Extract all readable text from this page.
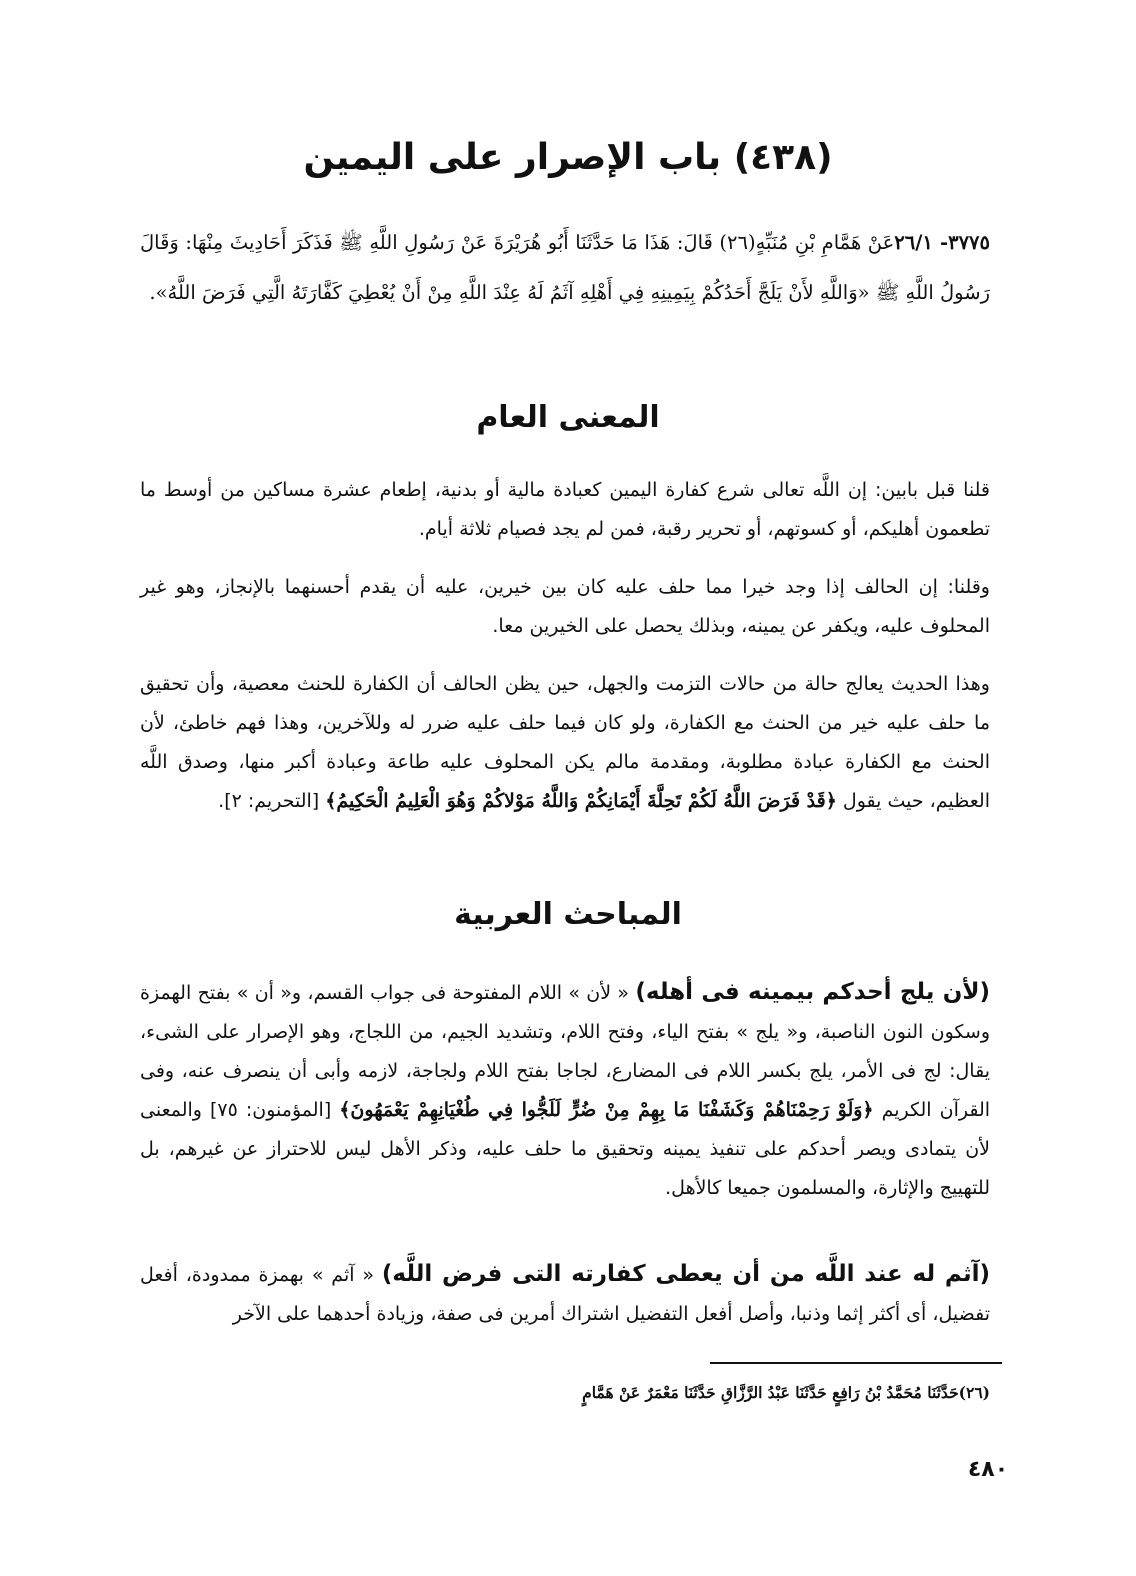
(٤٣٨) باب الإصرار على اليمين

٣٧٧٥- ٢٦/١عَنْ هَمَّامِ بْنِ مُنَبِّهٍ(٢٦) قَالَ: هَذَا مَا حَدَّثَنَا أَبُو هُرَيْرَةَ عَنْ رَسُولِ اللَّهِ ﷺ فَذَكَرَ أَحَادِيثَ مِنْهَا: وَقَالَ رَسُولُ اللَّهِ ﷺ «وَاللَّهِ لأَنْ يَلَجَّ أَحَدُكُمْ بِيَمِينِهِ فِي أَهْلِهِ آثَمُ لَهُ عِنْدَ اللَّهِ مِنْ أَنْ يُعْطِيَ كَفَّارَتَهُ الَّتِي فَرَضَ اللَّهُ».

المعنى العام

قلنا قبل بابين: إن اللَّه تعالى شرع كفارة اليمين كعبادة مالية أو بدنية، إطعام عشرة مساكين من أوسط ما تطعمون أهليكم، أو كسوتهم، أو تحرير رقبة، فمن لم يجد فصيام ثلاثة أيام.

وقلنا: إن الحالف إذا وجد خيرا مما حلف عليه كان بين خيرين، عليه أن يقدم أحسنهما بالإنجاز، وهو غير المحلوف عليه، ويكفر عن يمينه، وبذلك يحصل على الخيرين معا.

وهذا الحديث يعالج حالة من حالات التزمت والجهل، حين يظن الحالف أن الكفارة للحنث معصية، وأن تحقيق ما حلف عليه خير من الحنث مع الكفارة، ولو كان فيما حلف عليه ضرر له وللآخرين، وهذا فهم خاطئ، لأن الحنث مع الكفارة عبادة مطلوبة، ومقدمة مالم يكن المحلوف عليه طاعة وعبادة أكبر منها، وصدق اللَّه العظيم، حيث يقول ﴿قَدْ فَرَضَ اللَّهُ لَكُمْ تَحِلَّةَ أَيْمَانِكُمْ وَاللَّهُ مَوْلاكُمْ وَهُوَ الْعَلِيمُ الْحَكِيمُ﴾ [التحريم: ٢].

المباحث العربية

(لأن يلج أحدكم بيمينه فى أهله) « لأن » اللام المفتوحة فى جواب القسم، و« أن » بفتح الهمزة وسكون النون الناصبة، و« يلج » بفتح الياء، وفتح اللام، وتشديد الجيم، من اللجاج، وهو الإصرار على الشىء، يقال: لج فى الأمر، يلج بكسر اللام فى المضارع، لجاجا بفتح اللام ولجاجة، لازمه وأبى أن ينصرف عنه، وفى القرآن الكريم ﴿وَلَوْ رَحِمْنَاهُمْ وَكَشَفْنَا مَا بِهِمْ مِنْ ضُرٍّ لَلَجُّوا فِي طُغْيَانِهِمْ يَعْمَهُونَ﴾ [المؤمنون: ٧٥] والمعنى لأن يتمادى ويصر أحدكم على تنفيذ يمينه وتحقيق ما حلف عليه، وذكر الأهل ليس للاحتراز عن غيرهم، بل للتهييج والإثارة، والمسلمون جميعا كالأهل.

(آثم له عند اللَّه من أن يعطى كفارته التى فرض اللَّه) « آثم » بهمزة ممدودة، أفعل تفضيل، أى أكثر إثما وذنبا، وأصل أفعل التفضيل اشتراك أمرين فى صفة، وزيادة أحدهما على الآخر

(٢٦)حَدَّثَنَا مُحَمَّدُ بْنُ رَافِعٍ حَدَّثَنَا عَبْدُ الرَّزَّاقِ حَدَّثَنَا مَعْمَرٌ عَنْ هَمَّامٍ

٤٨٠
